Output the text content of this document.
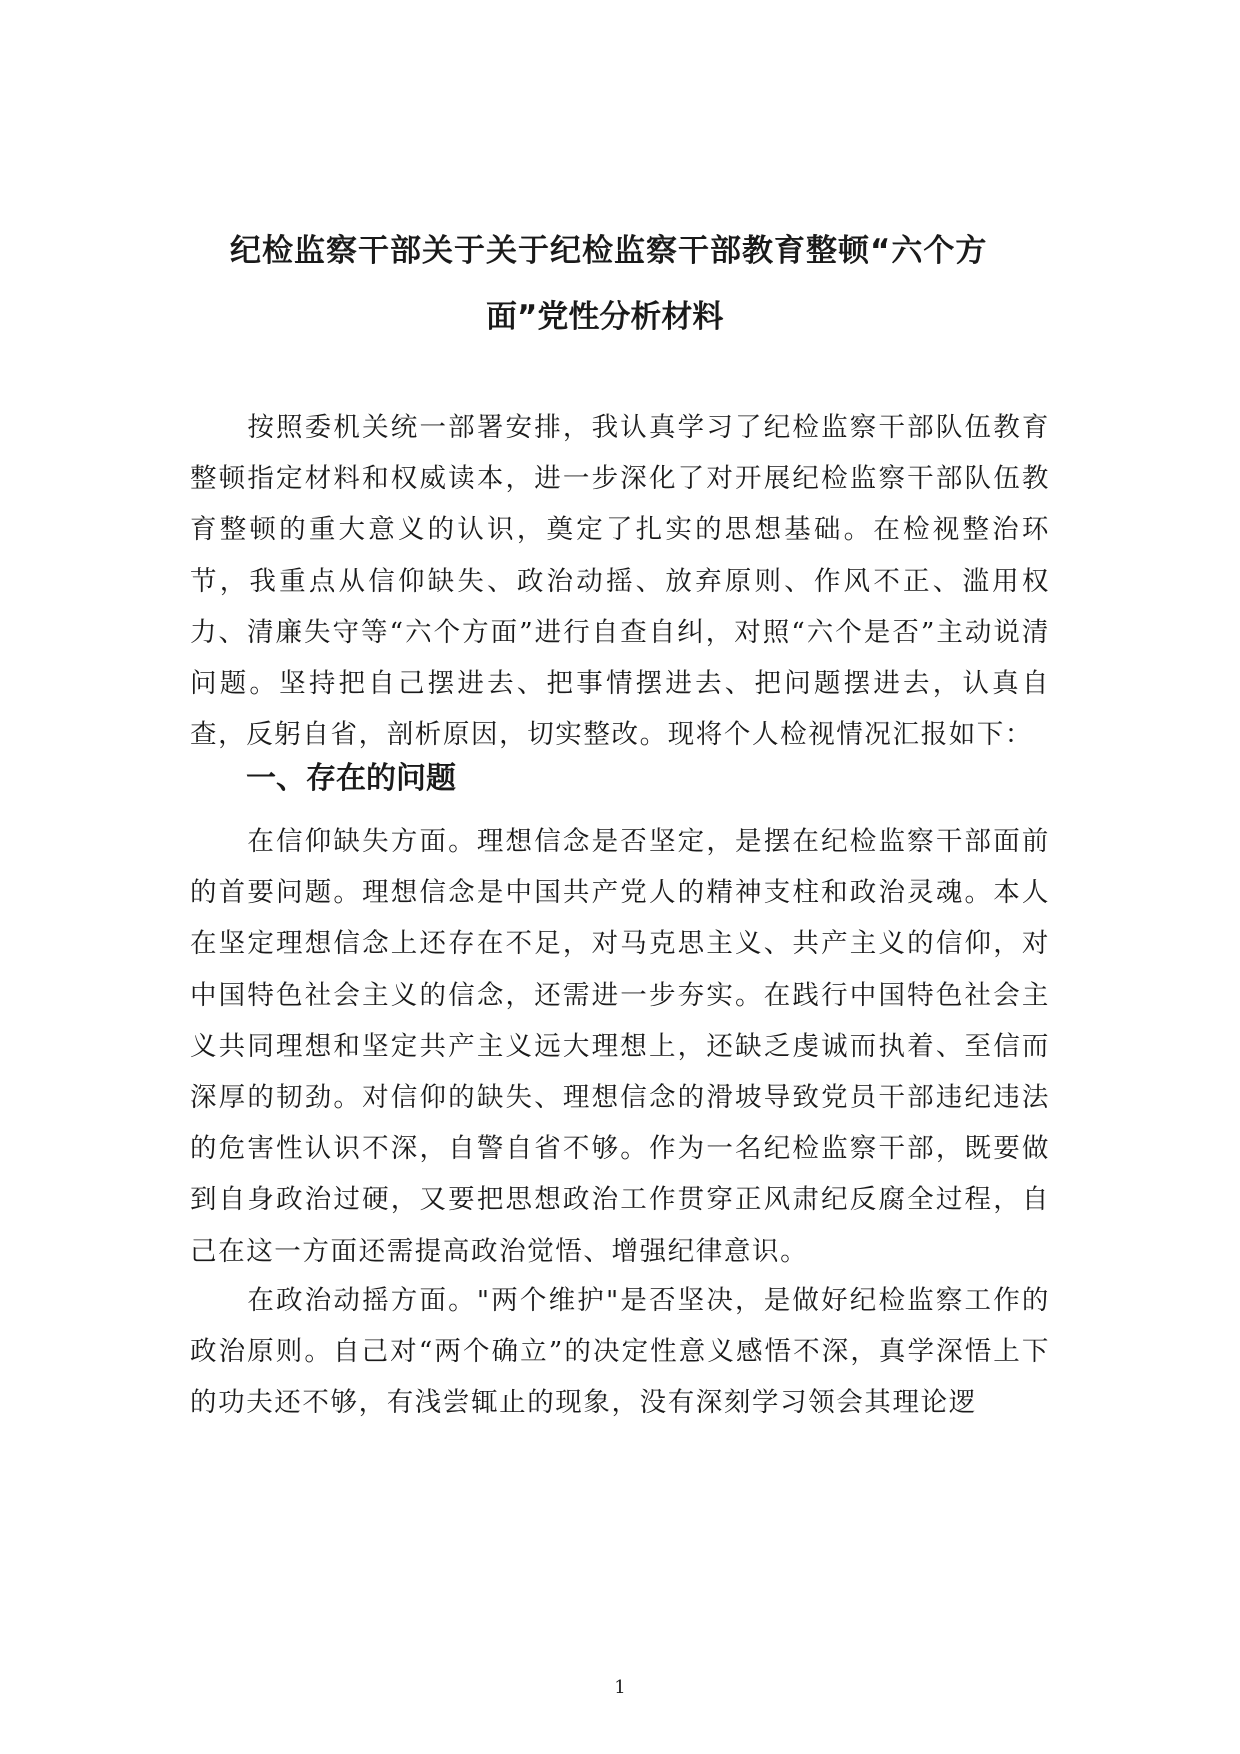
纪检监察干部关于关于纪检监察干部教育整顿“六个方
面”党性分析材料

　　按照委机关统一部署安排，我认真学习了纪检监察干部队伍教育整顿指定材料和权威读本，进一步深化了对开展纪检监察干部队伍教育整顿的重大意义的认识，奠定了扎实的思想基础。在检视整治环节，我重点从信仰缺失、政治动摇、放弃原则、作风不正、滥用权力、清廉失守等“六个方面”进行自查自纠，对照“六个是否”主动说清问题。坚持把自己摆进去、把事情摆进去、把问题摆进去，认真自查，反躬自省，剖析原因，切实整改。现将个人检视情况汇报如下：

一、存在的问题

　　在信仰缺失方面。理想信念是否坚定，是摆在纪检监察干部面前的首要问题。理想信念是中国共产党人的精神支柱和政治灵魂。本人在坚定理想信念上还存在不足，对马克思主义、共产主义的信仰，对中国特色社会主义的信念，还需进一步夯实。在践行中国特色社会主义共同理想和坚定共产主义远大理想上，还缺乏虔诚而执着、至信而深厚的韧劲。对信仰的缺失、理想信念的滑坡导致党员干部违纪违法的危害性认识不深，自警自省不够。作为一名纪检监察干部，既要做到自身政治过硬，又要把思想政治工作贯穿正风肃纪反腐全过程，自己在这一方面还需提高政治觉悟、增强纪律意识。

　　在政治动摇方面。"两个维护"是否坚决，是做好纪检监察工作的政治原则。自己对“两个确立”的决定性意义感悟不深，真学深悟上下的功夫还不够，有浅尝辄止的现象，没有深刻学习领会其理论逻

1
